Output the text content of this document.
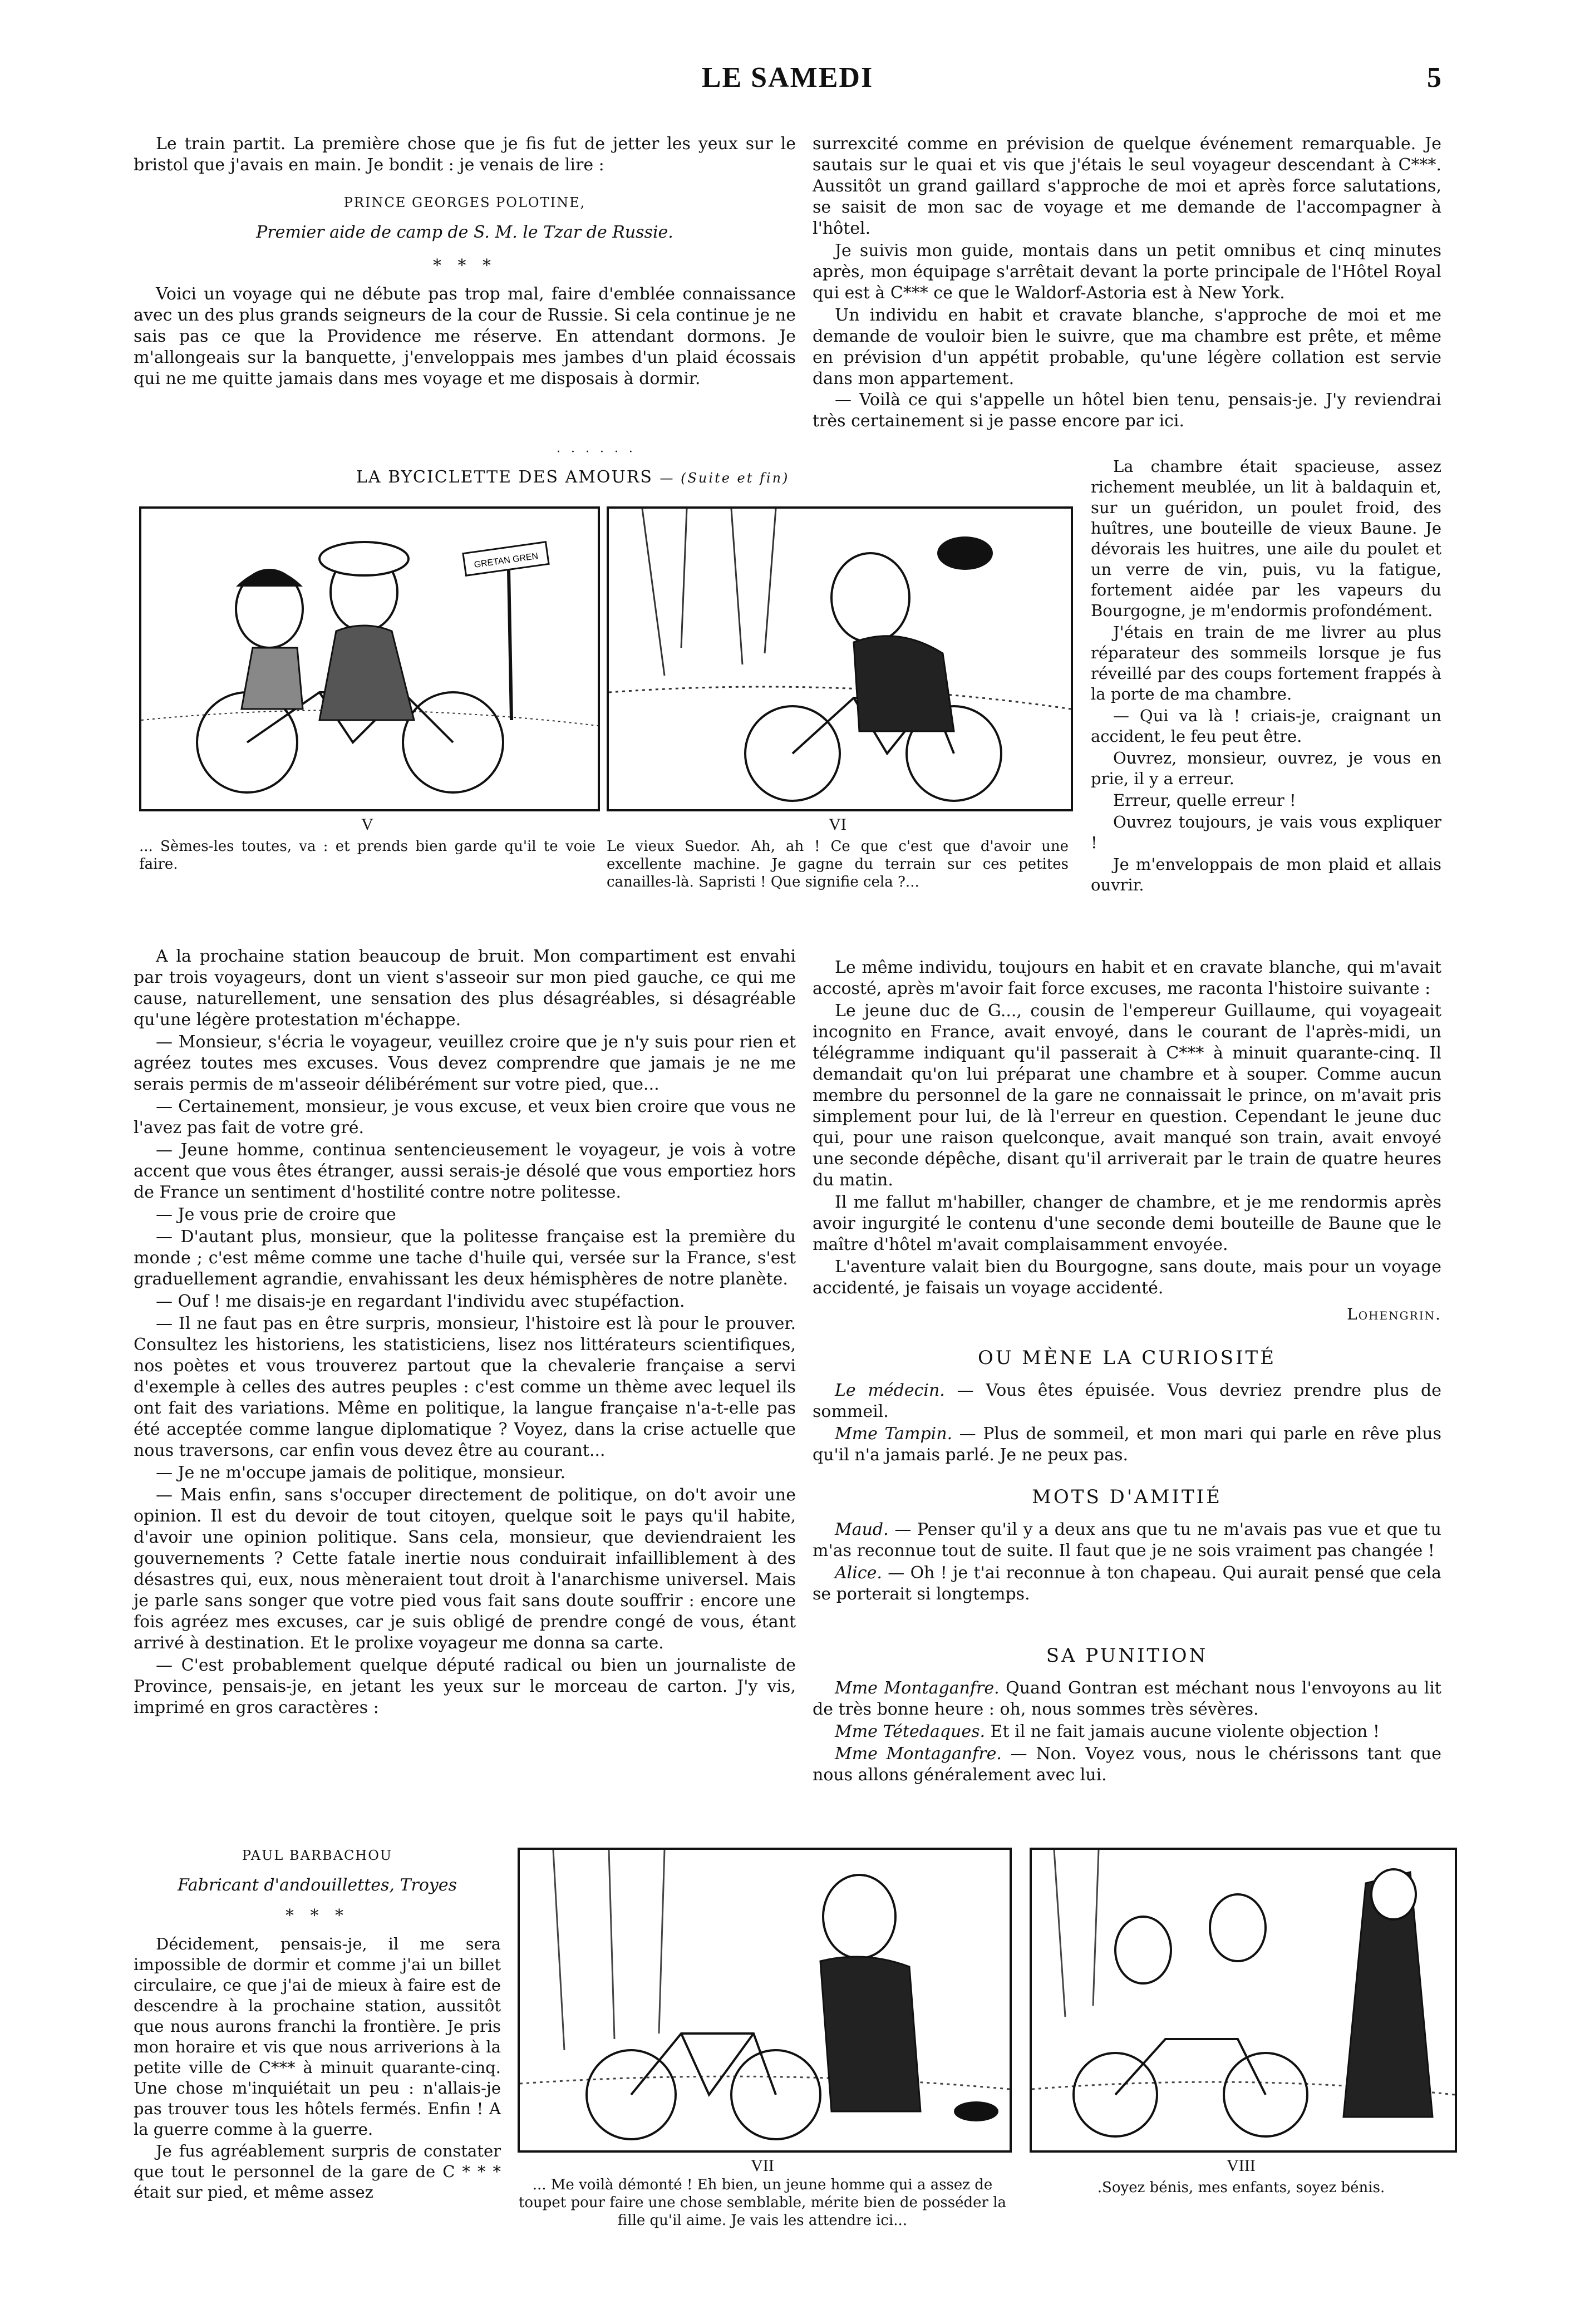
LE SAMEDI	5

Le train partit. La première chose que je fis fut de jetter les yeux sur le bristol que j'avais en main. Je bondit : je venais de lire :

PRINCE GEORGES POLOTINE,
Premier aide de camp de S. M. le Tzar de Russie.
* * *

Voici un voyage qui ne débute pas trop mal, faire d'emblée connaissance avec un des plus grands seigneurs de la cour de Russie. Si cela continue je ne sais pas ce que la Providence me réserve. En attendant dormons. Je m'allongeais sur la banquette, j'enveloppais mes jambes d'un plaid écossais qui ne me quitte jamais dans mes voyage et me disposais à dormir.

surrexcité comme en prévision de quelque événement remarquable. Je sautais sur le quai et vis que j'étais le seul voyageur descendant à C***. Aussitôt un grand gaillard s'approche de moi et après force salutations, se saisit de mon sac de voyage et me demande de l'accompagner à l'hôtel.

Je suivis mon guide, montais dans un petit omnibus et cinq minutes après, mon équipage s'arrêtait devant la porte principale de l'Hôtel Royal qui est à C*** ce que le Waldorf-Astoria est à New York.

Un individu en habit et cravate blanche, s'approche de moi et me demande de vouloir bien le suivre, que ma chambre est prête, et même en prévision d'un appétit probable, qu'une légère collation est servie dans mon appartement.

— Voilà ce qui s'appelle un hôtel bien tenu, pensais-je. J'y reviendrai très certainement si je passe encore par ici.

· · · · · ·
LA BYCICLETTE DES AMOURS — (Suite et fin)
GRETAN GREN
V
... Sèmes-les toutes, va : et prends bien garde qu'il te voie faire.
VI
Le vieux Suedor. Ah, ah ! Ce que c'est que d'avoir une excellente machine. Je gagne du terrain sur ces petites canailles-là. Sapristi ! Que signifie cela ?...

La chambre était spacieuse, assez richement meublée, un lit à baldaquin et, sur un guéridon, un poulet froid, des huîtres, une bouteille de vieux Baune. Je dévorais les huitres, une aile du poulet et un verre de vin, puis, vu la fatigue, fortement aidée par les vapeurs du Bourgogne, je m'endormis profondément.

J'étais en train de me livrer au plus réparateur des sommeils lorsque je fus réveillé par des coups fortement frappés à la porte de ma chambre.

— Qui va là ! criais-je, craignant un accident, le feu peut être.

Ouvrez, monsieur, ouvrez, je vous en prie, il y a erreur.

Erreur, quelle erreur !

Ouvrez toujours, je vais vous expliquer !

Je m'enveloppais de mon plaid et allais ouvrir.

A la prochaine station beaucoup de bruit. Mon compartiment est envahi par trois voyageurs, dont un vient s'asseoir sur mon pied gauche, ce qui me cause, naturellement, une sensation des plus désagréables, si désagréable qu'une légère protestation m'échappe.

— Monsieur, s'écria le voyageur, veuillez croire que je n'y suis pour rien et agréez toutes mes excuses. Vous devez comprendre que jamais je ne me serais permis de m'asseoir délibérément sur votre pied, que...

— Certainement, monsieur, je vous excuse, et veux bien croire que vous ne l'avez pas fait de votre gré.

— Jeune homme, continua sentencieusement le voyageur, je vois à votre accent que vous êtes étranger, aussi serais-je désolé que vous emportiez hors de France un sentiment d'hostilité contre notre politesse.

— Je vous prie de croire que

— D'autant plus, monsieur, que la politesse française est la première du monde ; c'est même comme une tache d'huile qui, versée sur la France, s'est graduellement agrandie, envahissant les deux hémisphères de notre planète.

— Ouf ! me disais-je en regardant l'individu avec stupéfaction.

— Il ne faut pas en être surpris, monsieur, l'histoire est là pour le prouver. Consultez les historiens, les statisticiens, lisez nos littérateurs scientifiques, nos poètes et vous trouverez partout que la chevalerie française a servi d'exemple à celles des autres peuples : c'est comme un thème avec lequel ils ont fait des variations. Même en politique, la langue française n'a-t-elle pas été acceptée comme langue diplomatique ? Voyez, dans la crise actuelle que nous traversons, car enfin vous devez être au courant...

— Je ne m'occupe jamais de politique, monsieur.

— Mais enfin, sans s'occuper directement de politique, on do't avoir une opinion. Il est du devoir de tout citoyen, quelque soit le pays qu'il habite, d'avoir une opinion politique. Sans cela, monsieur, que deviendraient les gouvernements ? Cette fatale inertie nous conduirait infailliblement à des désastres qui, eux, nous mèneraient tout droit à l'anarchisme universel. Mais je parle sans songer que votre pied vous fait sans doute souffrir : encore une fois agréez mes excuses, car je suis obligé de prendre congé de vous, étant arrivé à destination. Et le prolixe voyageur me donna sa carte.

— C'est probablement quelque député radical ou bien un journaliste de Province, pensais-je, en jetant les yeux sur le morceau de carton. J'y vis, imprimé en gros caractères :

Le même individu, toujours en habit et en cravate blanche, qui m'avait accosté, après m'avoir fait force excuses, me raconta l'histoire suivante :

Le jeune duc de G..., cousin de l'empereur Guillaume, qui voyageait incognito en France, avait envoyé, dans le courant de l'après-midi, un télégramme indiquant qu'il passerait à C*** à minuit quarante-cinq. Il demandait qu'on lui préparat une chambre et à souper. Comme aucun membre du personnel de la gare ne connaissait le prince, on m'avait pris simplement pour lui, de là l'erreur en question. Cependant le jeune duc qui, pour une raison quelconque, avait manqué son train, avait envoyé une seconde dépêche, disant qu'il arriverait par le train de quatre heures du matin.

Il me fallut m'habiller, changer de chambre, et je me rendormis après avoir ingurgité le contenu d'une seconde demi bouteille de Baune que le maître d'hôtel m'avait complaisamment envoyée.

L'aventure valait bien du Bourgogne, sans doute, mais pour un voyage accidenté, je faisais un voyage accidenté.

Lohengrin.
OU MÈNE LA CURIOSITÉ

Le médecin. — Vous êtes épuisée. Vous devriez prendre plus de sommeil.

Mme Tampin. — Plus de sommeil, et mon mari qui parle en rêve plus qu'il n'a jamais parlé. Je ne peux pas.

MOTS D'AMITIÉ

Maud. — Penser qu'il y a deux ans que tu ne m'avais pas vue et que tu m'as reconnue tout de suite. Il faut que je ne sois vraiment pas changée !

Alice. — Oh ! je t'ai reconnue à ton chapeau. Qui aurait pensé que cela se porterait si longtemps.

SA PUNITION

Mme Montaganfre. Quand Gontran est méchant nous l'envoyons au lit de très bonne heure : oh, nous sommes très sévères.

Mme Tétedaques. Et il ne fait jamais aucune violente objection !

Mme Montaganfre. — Non. Voyez vous, nous le chérissons tant que nous allons généralement avec lui.

PAUL BARBACHOU
Fabricant d'andouillettes, Troyes
* * *

Décidement, pensais-je, il me sera impossible de dormir et comme j'ai un billet circulaire, ce que j'ai de mieux à faire est de descendre à la prochaine station, aussitôt que nous aurons franchi la frontière. Je pris mon horaire et vis que nous arriverions à la petite ville de C*** à minuit quarante-cinq. Une chose m'inquiétait un peu : n'allais-je pas trouver tous les hôtels fermés. Enfin ! A la guerre comme à la guerre.

Je fus agréablement surpris de constater que tout le personnel de la gare de C * * * était sur pied, et même assez

VII
... Me voilà démonté ! Eh bien, un jeune homme qui a assez de toupet pour faire une chose semblable, mérite bien de posséder la fille qu'il aime. Je vais les attendre ici...
VIII
.Soyez bénis, mes enfants, soyez bénis.
